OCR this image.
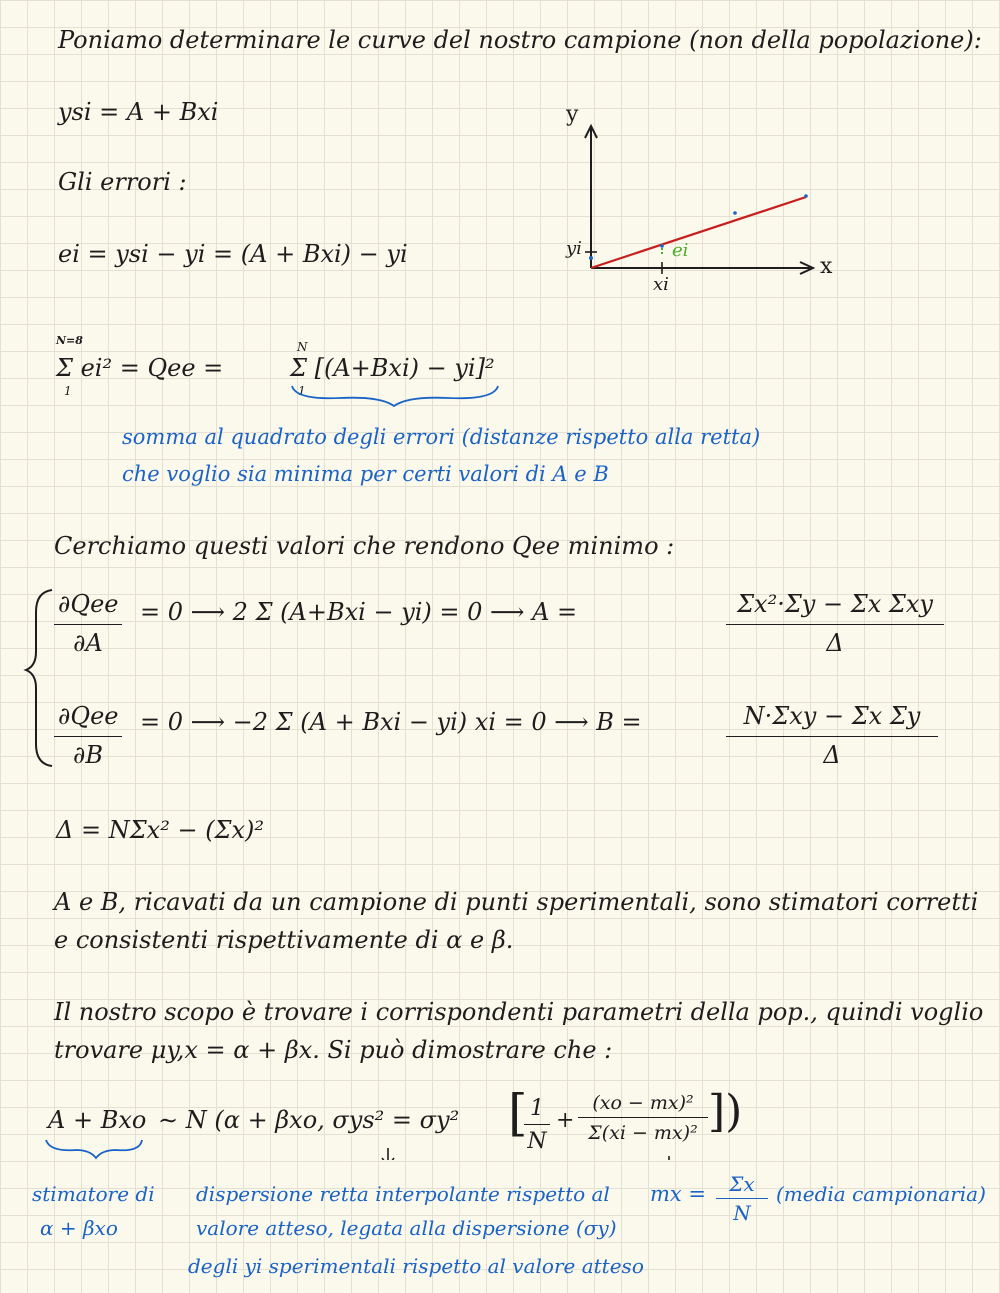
Poniamo determinare le curve del nostro campione (non della popolazione):
ysi = A + Bxi
Gli errori :
ei = ysi − yi = (A + Bxi) − yi
y
x
yi
xi
ei
N=8
1
Σ ei² = Qee =
N
1
Σ [(A+Bxi) − yi]²
somma al quadrato degli errori (distanze rispetto alla retta)
che voglio sia minima per certi valori di A e B
Cerchiamo questi valori che rendono Qee minimo :
∂Qee
∂A
= 0 ⟶ 2 Σ (A+Bxi − yi) = 0 ⟶ A =	Σx²·Σy − Σx Σxy
Δ
∂Qee
∂B
= 0 ⟶ −2 Σ (A + Bxi − yi) xi = 0 ⟶ B =	N·Σxy − Σx Σy
Δ
Δ = NΣx² − (Σx)²
A e B, ricavati da un campione di punti sperimentali, sono stimatori corretti
e consistenti rispettivamente di α e β.
Il nostro scopo è trovare i corrispondenti parametri della pop., quindi voglio
trovare μy,x = α + βx. Si può dimostrare che :
A + Bxo ∼ N (α + βxo, σys² = σy² [
$\frac{1}{N} + \frac{\text{(xo − mx)²}}{\text{Σ(xi − mx)²}}$ ])
stimatore di
α + βxo
dispersione retta interpolante rispetto al
valore atteso, legata alla dispersione (σy)
degli yi sperimentali rispetto al valore atteso
mx = $\frac{\Sigma x}{N}$ (media campionaria)
